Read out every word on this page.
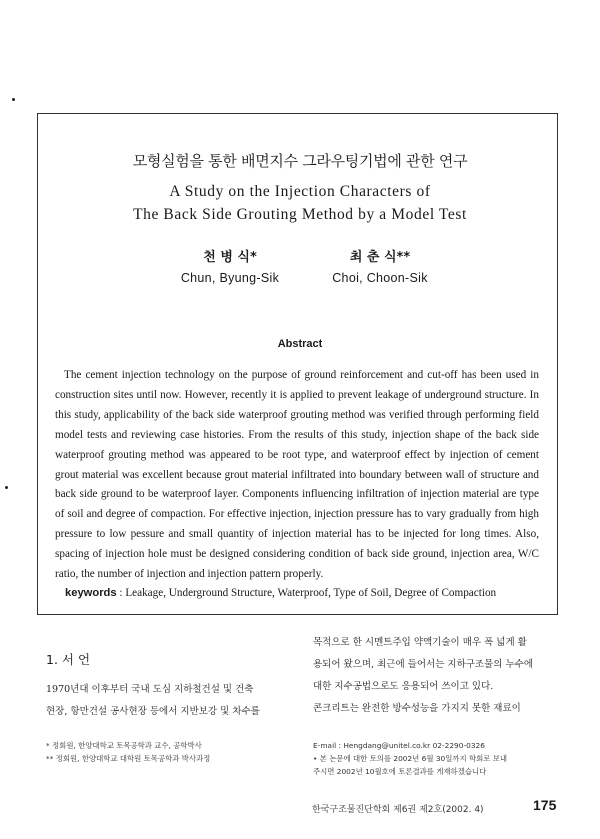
모형실험을 통한 배면지수 그라우팅기법에 관한 연구
A Study on the Injection Characters of
The Back Side Grouting Method by a Model Test
천 병 식*
Chun, Byung-Sik
최 춘 식**
Choi, Choon-Sik
Abstract
The cement injection technology on the purpose of ground reinforcement and cut-off has been used in construction sites until now. However, recently it is applied to prevent leakage of underground structure. In this study, applicability of the back side waterproof grouting method was verified through performing field model tests and reviewing case histories. From the results of this study, injection shape of the back side waterproof grouting method was appeared to be root type, and waterproof effect by injection of cement grout material was excellent because grout material infiltrated into boundary between wall of structure and back side ground to be waterproof layer. Components influencing infiltration of injection material are type of soil and degree of compaction. For effective injection, injection pressure has to vary gradually from high pressure to low pessure and small quantity of injection material has to be injected for long times. Also, spacing of injection hole must be designed considering condition of back side ground, injection area, W/C ratio, the number of injection and injection pattern properly.
keywords : Leakage, Underground Structure, Waterproof, Type of Soil, Degree of Compaction
1. 서 언

1970년대 이후부터 국내 도심 지하철건설 및 건축

현장, 항만건설 공사현장 등에서 지반보강 및 차수를

목적으로 한 시멘트주입 약액기술이 매우 폭 넓게 활

용되어 왔으며, 최근에 들어서는 지하구조물의 누수에

대한 지수공법으로도 응용되어 쓰이고 있다.

콘크리트는 완전한 방수성능을 가지지 못한 재료이

* 정회원, 한양대학교 토목공학과 교수, 공학박사

** 정회원, 한양대학교 대학원 토목공학과 박사과정

E-mail : Hengdang@unitel.co.kr 02-2290-0326

• 본 논문에 대한 토의를 2002년 6월 30일까지 학회로 보내

주시면 2002년 10월호에 토론결과를 게재하겠습니다

한국구조물진단학회 제6권 제2호(2002. 4)	175
